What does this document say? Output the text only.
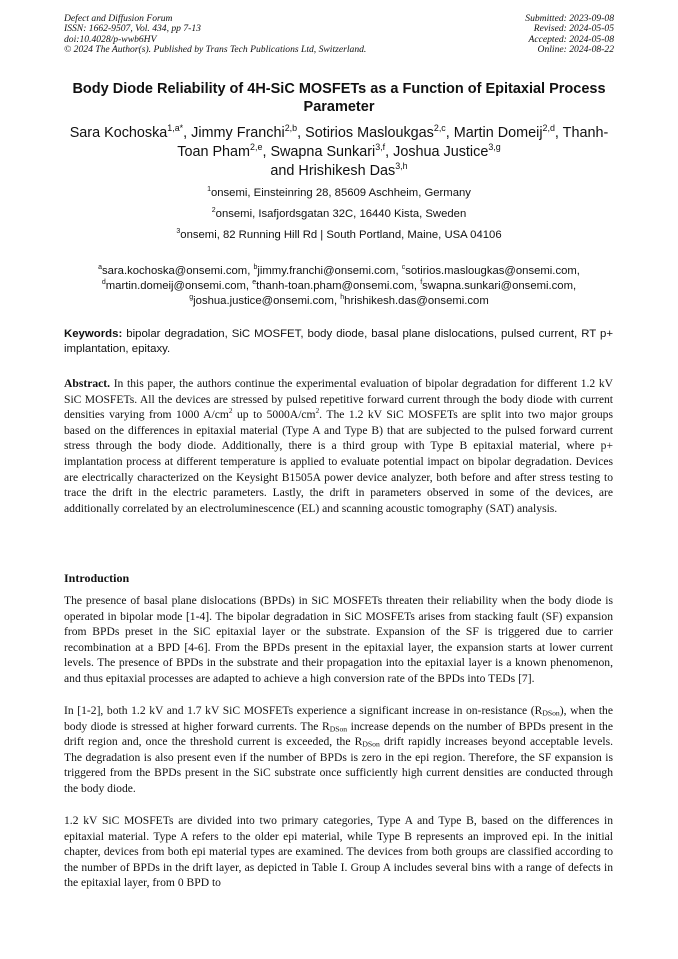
Defect and Diffusion Forum
ISSN: 1662-9507, Vol. 434, pp 7-13
doi:10.4028/p-wwb6HV
© 2024 The Author(s). Published by Trans Tech Publications Ltd, Switzerland.
Submitted: 2023-09-08
Revised: 2024-05-05
Accepted: 2024-05-08
Online: 2024-08-22
Body Diode Reliability of 4H-SiC MOSFETs as a Function of Epitaxial Process Parameter
Sara Kochoska$^{1,a*}$, Jimmy Franchi$^{2,b}$, Sotirios Masloukgas$^{2,c}$, Martin Domeij$^{2,d}$, Thanh-Toan Pham$^{2,e}$, Swapna Sunkari$^{3,f}$, Joshua Justice$^{3,g}$
and Hrishikesh Das$^{3,h}$
$^1$onsemi, Einsteinring 28, 85609 Aschheim, Germany
$^2$onsemi, Isafjordsgatan 32C, 16440 Kista, Sweden
$^3$onsemi, 82 Running Hill Rd | South Portland, Maine, USA 04106
$^a$sara.kochoska@onsemi.com, $^b$jimmy.franchi@onsemi.com, $^c$sotirios.maslougkas@onsemi.com,
$^d$martin.domeij@onsemi.com, $^e$thanh-toan.pham@onsemi.com, $^f$swapna.sunkari@onsemi.com,
$^g$joshua.justice@onsemi.com, $^h$hrishikesh.das@onsemi.com
Keywords: bipolar degradation, SiC MOSFET, body diode, basal plane dislocations, pulsed current, RT p+ implantation, epitaxy.
Abstract. In this paper, the authors continue the experimental evaluation of bipolar degradation for different 1.2 kV SiC MOSFETs. All the devices are stressed by pulsed repetitive forward current through the body diode with current densities varying from 1000 $A/cm^2$ up to $5000A/cm^2$. The 1.2 kV SiC MOSFETs are split into two major groups based on the differences in epitaxial material (Type A and Type B) that are subjected to the pulsed forward current stress through the body diode. Additionally, there is a third group with Type B epitaxial material, where p+ implantation process at different temperature is applied to evaluate potential impact on bipolar degradation. Devices are electrically characterized on the Keysight B1505A power device analyzer, both before and after stress testing to trace the drift in the electric parameters. Lastly, the drift in parameters observed in some of the devices, are additionally correlated by an electroluminescence (EL) and scanning acoustic tomography (SAT) analysis.
Introduction
The presence of basal plane dislocations (BPDs) in SiC MOSFETs threaten their reliability when the body diode is operated in bipolar mode [1-4]. The bipolar degradation in SiC MOSFETs arises from stacking fault (SF) expansion from BPDs preset in the SiC epitaxial layer or the substrate. Expansion of the SF is triggered due to carrier recombination at a BPD [4-6]. From the BPDs present in the epitaxial layer, the expansion starts at lower current levels. The presence of BPDs in the substrate and their propagation into the epitaxial layer is a known phenomenon, and thus epitaxial processes are adapted to achieve a high conversion rate of the BPDs into TEDs [7].
In [1-2], both 1.2 kV and 1.7 kV SiC MOSFETs experience a significant increase in on-resistance (RDSon), when the body diode is stressed at higher forward currents. The RDSon increase depends on the number of BPDs present in the drift region and, once the threshold current is exceeded, the RDSon drift rapidly increases beyond acceptable levels. The degradation is also present even if the number of BPDs is zero in the epi region. Therefore, the SF expansion is triggered from the BPDs present in the SiC substrate once sufficiently high current densities are conducted through the body diode.
1.2 kV SiC MOSFETs are divided into two primary categories, Type A and Type B, based on the differences in epitaxial material. Type A refers to the older epi material, while Type B represents an improved epi. In the initial chapter, devices from both epi material types are examined. The devices from both groups are classified according to the number of BPDs in the drift layer, as depicted in Table I. Group A includes several bins with a range of defects in the epitaxial layer, from 0 BPD to
